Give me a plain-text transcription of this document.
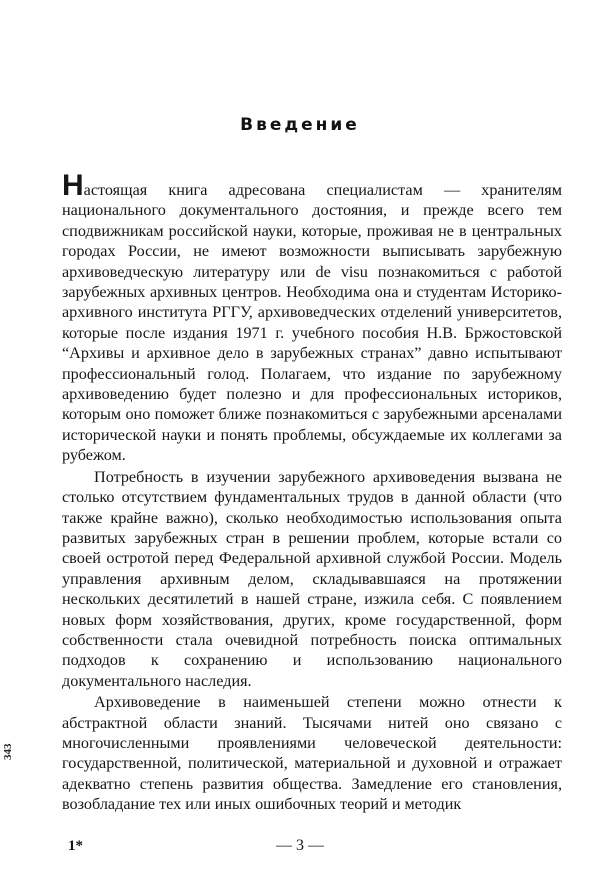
343
Введение

Настоящая книга адресована специалистам — хранителям национального документального достояния, и прежде всего тем сподвижникам российской науки, которые, проживая не в центральных городах России, не имеют возможности выписывать зарубежную архивоведческую литературу или de visu познакомиться с работой зарубежных архивных центров. Необходима она и студентам Историко-архивного института РГГУ, архивоведческих отделений университетов, которые после издания 1971 г. учебного пособия Н.В. Бржостовской “Архивы и архивное дело в зарубежных странах” давно испытывают профессиональный голод. Полагаем, что издание по зарубежному архивоведению будет полезно и для профессиональных историков, которым оно поможет ближе познакомиться с зарубежными арсеналами исторической науки и понять проблемы, обсуждаемые их коллегами за рубежом.

Потребность в изучении зарубежного архивоведения вызвана не столько отсутствием фундаментальных трудов в данной области (что также крайне важно), сколько необходимостью использования опыта развитых зарубежных стран в решении проблем, которые встали со своей остротой перед Федеральной архивной службой России. Модель управления архивным делом, складывавшаяся на протяжении нескольких десятилетий в нашей стране, изжила себя. С появлением новых форм хозяйствования, других, кроме государственной, форм собственности стала очевидной потребность поиска оптимальных подходов к сохранению и использованию национального документального наследия.

Архивоведение в наименьшей степени можно отнести к абстрактной области знаний. Тысячами нитей оно связано с многочисленными проявлениями человеческой деятельности: государственной, политической, материальной и духовной и отражает адекватно степень развития общества. Замедление его становления, возобладание тех или иных ошибочных теорий и методик

1*	— 3 —
